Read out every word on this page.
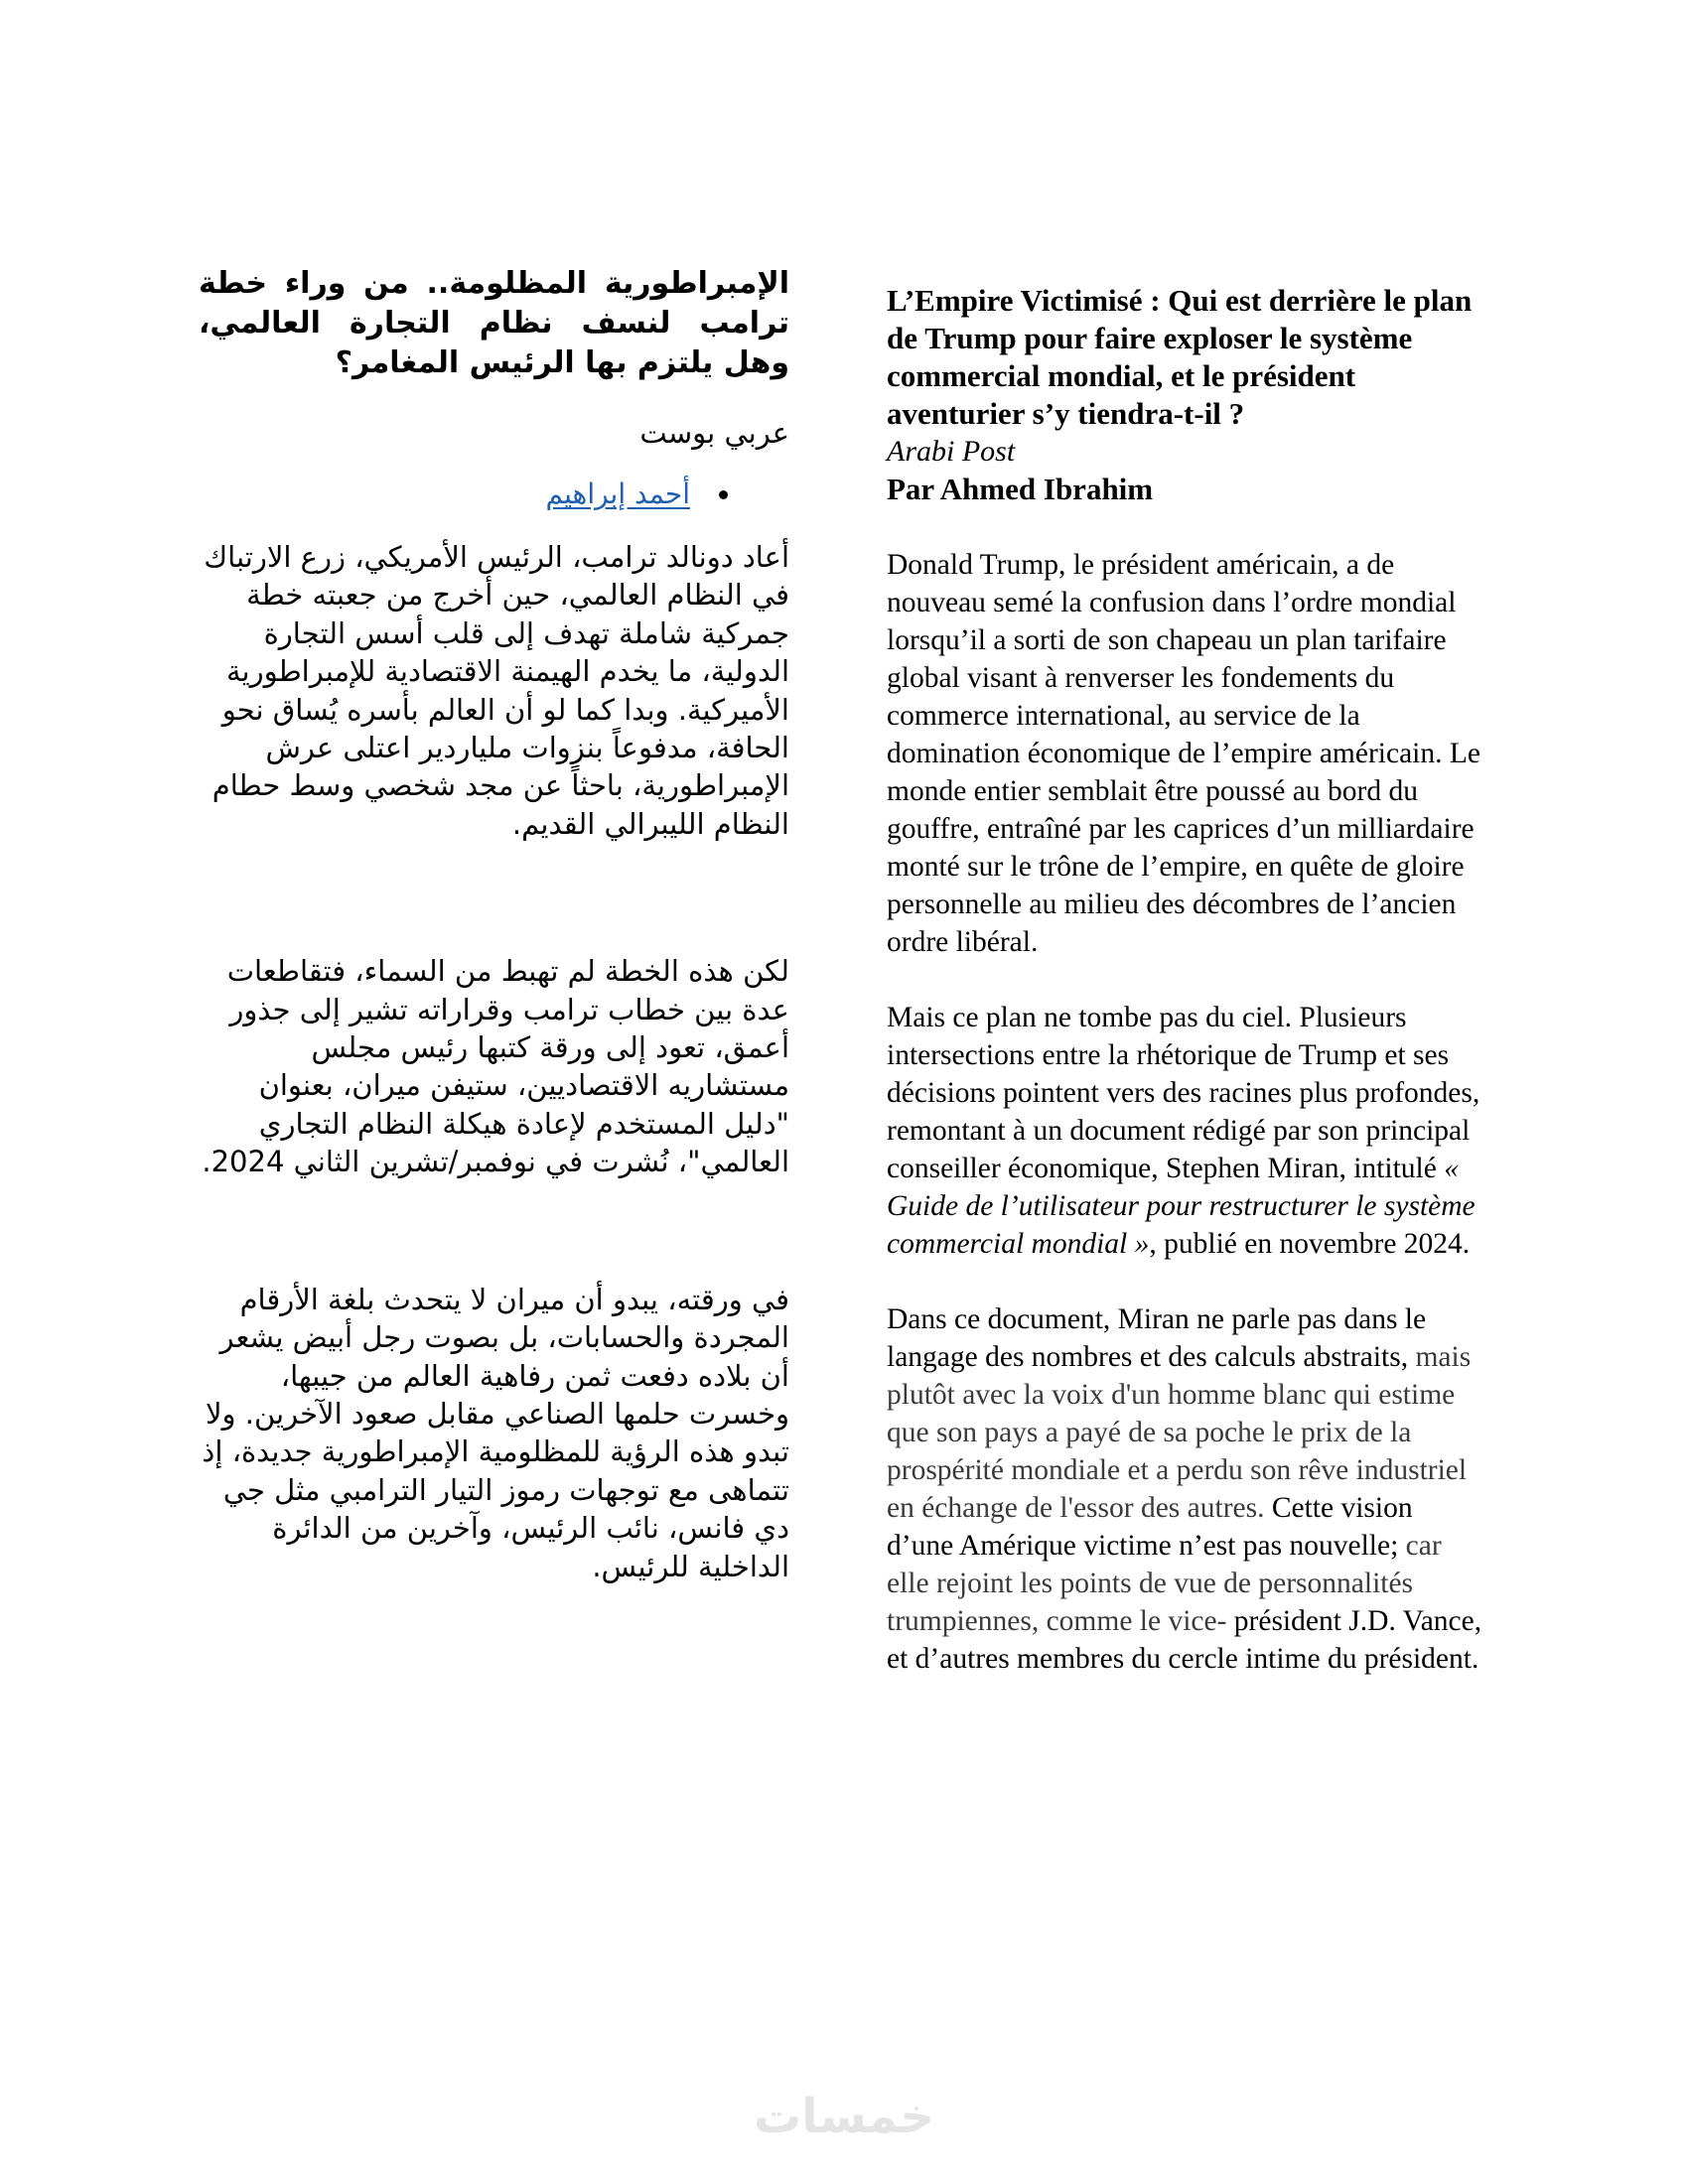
الإمبراطورية المظلومة.. من وراء خطة ترامب لنسف نظام التجارة العالمي، وهل يلتزم بها الرئيس المغامر؟

عربي بوست

أحمد إبراهيم

أعاد دونالد ترامب، الرئيس الأمريكي، زرع الارتباك في النظام العالمي، حين أخرج من جعبته خطة جمركية شاملة تهدف إلى قلب أسس التجارة الدولية، ما يخدم الهيمنة الاقتصادية للإمبراطورية الأميركية. وبدا كما لو أن العالم بأسره يُساق نحو الحافة، مدفوعاً بنزوات ملياردير اعتلى عرش الإمبراطورية، باحثاً عن مجد شخصي وسط حطام النظام الليبرالي القديم.

لكن هذه الخطة لم تهبط من السماء، فتقاطعات عدة بين خطاب ترامب وقراراته تشير إلى جذور أعمق، تعود إلى ورقة كتبها رئيس مجلس مستشاريه الاقتصاديين، ستيفن ميران، بعنوان "دليل المستخدم لإعادة هيكلة النظام التجاري العالمي"، نُشرت في نوفمبر/تشرين الثاني 2024.

في ورقته، يبدو أن ميران لا يتحدث بلغة الأرقام المجردة والحسابات، بل بصوت رجل أبيض يشعر أن بلاده دفعت ثمن رفاهية العالم من جيبها، وخسرت حلمها الصناعي مقابل صعود الآخرين. ولا تبدو هذه الرؤية للمظلومية الإمبراطورية جديدة، إذ تتماهى مع توجهات رموز التيار الترامبي مثل جي دي فانس، نائب الرئيس، وآخرين من الدائرة الداخلية للرئيس.

L’Empire Victimisé : Qui est derrière le plan de Trump pour faire exploser le système commercial mondial, et le président aventurier s’y tiendra-t-il ?

Arabi Post

Par Ahmed Ibrahim

Donald Trump, le président américain, a de nouveau semé la confusion dans l’ordre mondial lorsqu’il a sorti de son chapeau un plan tarifaire global visant à renverser les fondements du commerce international, au service de la domination économique de l’empire américain. Le monde entier semblait être poussé au bord du gouffre, entraîné par les caprices d’un milliardaire monté sur le trône de l’empire, en quête de gloire personnelle au milieu des décombres de l’ancien ordre libéral.

Mais ce plan ne tombe pas du ciel. Plusieurs intersections entre la rhétorique de Trump et ses décisions pointent vers des racines plus profondes, remontant à un document rédigé par son principal conseiller économique, Stephen Miran, intitulé « Guide de l’utilisateur pour restructurer le système commercial mondial », publié en novembre 2024.

Dans ce document, Miran ne parle pas dans le langage des nombres et des calculs abstraits, mais plutôt avec la voix d'un homme blanc qui estime que son pays a payé de sa poche le prix de la prospérité mondiale et a perdu son rêve industriel en échange de l'essor des autres. Cette vision d’une Amérique victime n’est pas nouvelle; car elle rejoint les points de vue de personnalités trumpiennes, comme le vice- président J.D. Vance, et d’autres membres du cercle intime du président.

خمسات
